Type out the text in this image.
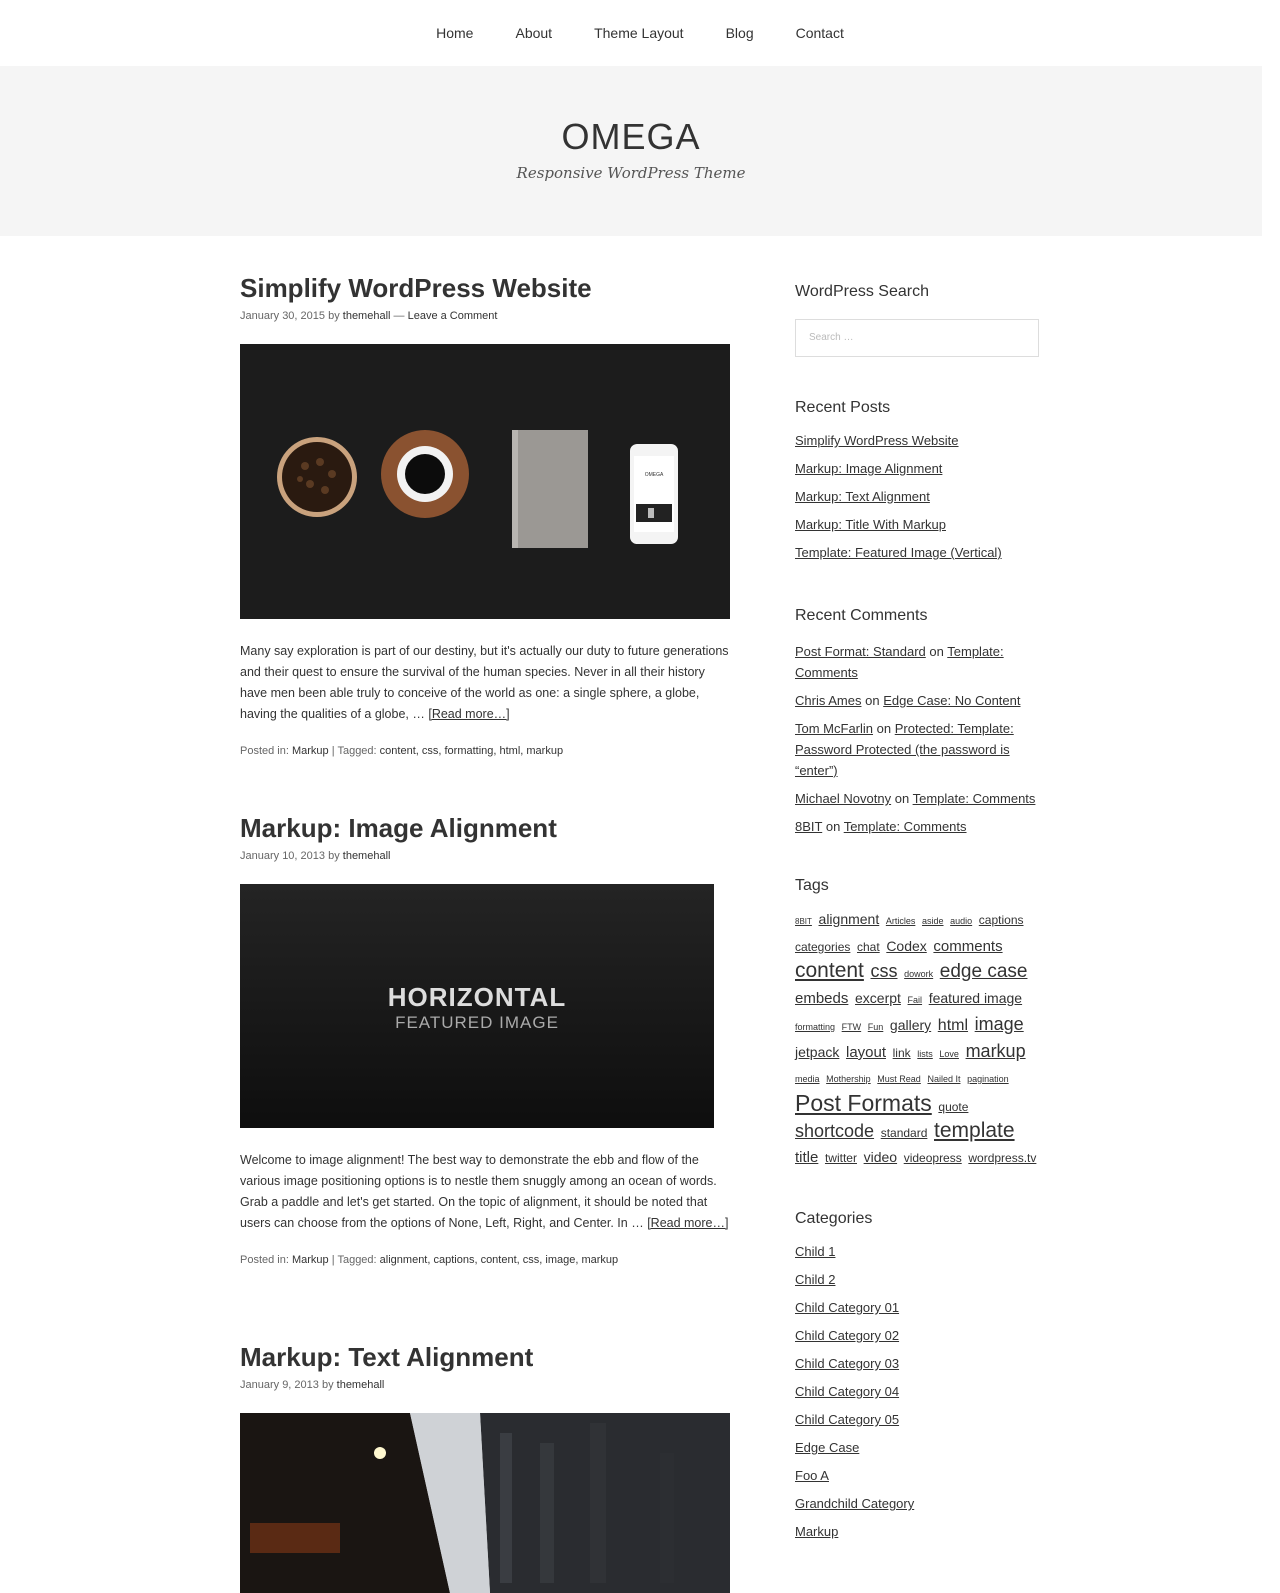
Home	About	Theme Layout	Blog	Contact
OMEGA
Responsive WordPress Theme
Simplify WordPress Website
January 30, 2015 by themehall — Leave a Comment
OMEGA
Many say exploration is part of our destiny, but it's actually our duty to future generations and their quest to ensure the survival of the human species. Never in all their history have men been able truly to conceive of the world as one: a single sphere, a globe, having the qualities of a globe, … [Read more…]
Posted in: Markup | Tagged: content, css, formatting, html, markup
Markup: Image Alignment
January 10, 2013 by themehall
HORIZONTAL
FEATURED IMAGE
Welcome to image alignment! The best way to demonstrate the ebb and flow of the various image positioning options is to nestle them snuggly among an ocean of words. Grab a paddle and let's get started. On the topic of alignment, it should be noted that users can choose from the options of None, Left, Right, and Center. In … [Read more…]
Posted in: Markup | Tagged: alignment, captions, content, css, image, markup
Markup: Text Alignment
January 9, 2013 by themehall
WordPress Search
Search …
Recent Posts
Simplify WordPress Website
Markup: Image Alignment
Markup: Text Alignment
Markup: Title With Markup
Template: Featured Image (Vertical)
Recent Comments
Post Format: Standard on Template: Comments
Chris Ames on Edge Case: No Content
Tom McFarlin on Protected: Template: Password Protected (the password is “enter”)
Michael Novotny on Template: Comments
8BIT on Template: Comments
Tags
8BIT alignment Articles aside audio captions categories chat Codex comments content css dowork edge case embeds excerpt Fail featured image formatting FTW Fun gallery html image jetpack layout link lists Love markup media Mothership Must Read Nailed It pagination Post Formats quote shortcode standard template title twitter video videopress wordpress.tv
Categories
Child 1
Child 2
Child Category 01
Child Category 02
Child Category 03
Child Category 04
Child Category 05
Edge Case
Foo A
Grandchild Category
Markup
